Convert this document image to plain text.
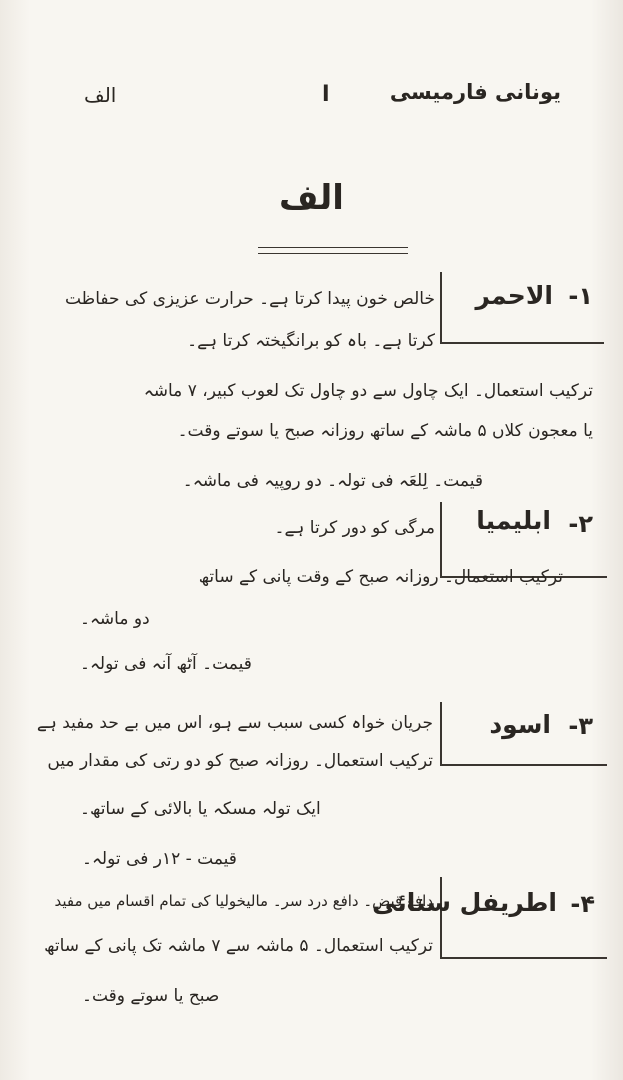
الف	ا	یونانی فارمیسی
الف
۱-
الاحمر
خالص خون پیدا کرتا ہے۔ حرارت عزیزی کی حفاظت
کرتا ہے۔ باہ کو برانگیختہ کرتا ہے۔
ترکیب استعمال۔ ایک چاول سے دو چاول تک لعوب کبیر، ۷ ماشہ
یا معجون کلاں ۵ ماشہ کے ساتھ روزانہ صبح یا سوتے وقت۔
قیمت۔ لِلعَہ فی تولہ۔ دو روپیہ فی ماشہ۔
۲-
ابلیمیا
مرگی کو دور کرتا ہے۔
ترکیب استعمال۔ روزانہ صبح کے وقت پانی کے ساتھ
دو ماشہ۔
قیمت۔ آٹھ آنہ فی تولہ۔
۳-
اسود
جریان خواہ کسی سبب سے ہو، اس میں بے حد مفید ہے
ترکیب استعمال۔ روزانہ صبح کو دو رتی کی مقدار میں
ایک تولہ مسکہ یا بالائی کے ساتھ۔
قیمت - ۱۲ر فی تولہ۔
۴-
اطریفل سنائی
دافع قبض۔ دافع درد سر۔ مالیخولیا کی تمام اقسام میں مفید
ترکیب استعمال۔ ۵ ماشہ سے ۷ ماشہ تک پانی کے ساتھ
صبح یا سوتے وقت۔
